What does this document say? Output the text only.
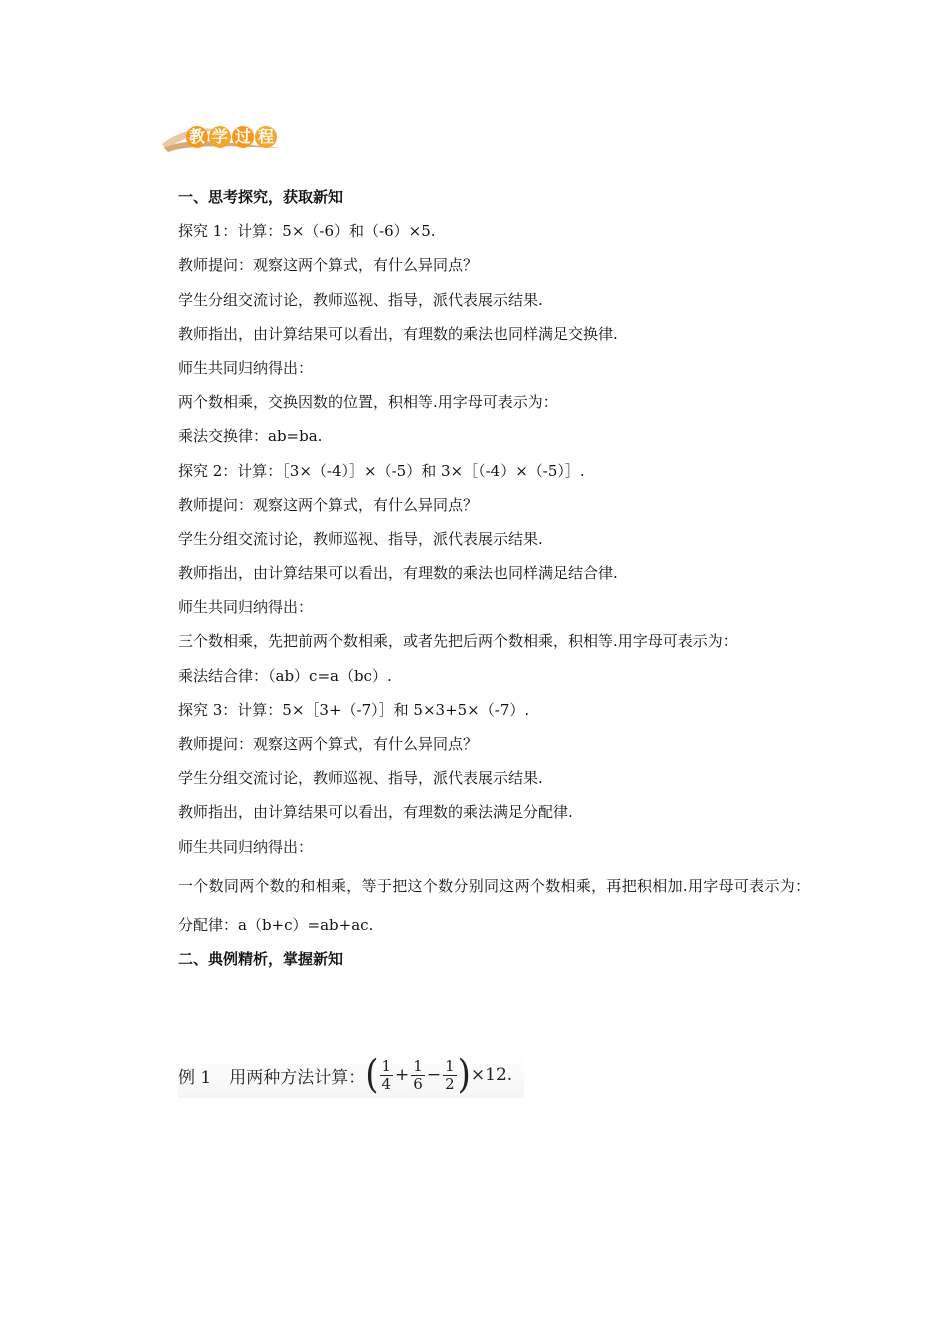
教 学 过 程
一、思考探究，获取新知
探究 1：计算：5×（-6）和（-6）×5.
教师提问：观察这两个算式，有什么异同点？
学生分组交流讨论，教师巡视、指导，派代表展示结果.
教师指出，由计算结果可以看出，有理数的乘法也同样满足交换律.
师生共同归纳得出：
两个数相乘，交换因数的位置，积相等.用字母可表示为：
乘法交换律：ab=ba.
探究 2：计算：［3×（-4）］×（-5）和 3×［（-4）×（-5）］.
教师提问：观察这两个算式，有什么异同点？
学生分组交流讨论，教师巡视、指导，派代表展示结果.
教师指出，由计算结果可以看出，有理数的乘法也同样满足结合律.
师生共同归纳得出：
三个数相乘，先把前两个数相乘，或者先把后两个数相乘，积相等.用字母可表示为：
乘法结合律：（ab）c=a（bc）.
探究 3：计算：5×［3+（-7）］和 5×3+5×（-7）.
教师提问：观察这两个算式，有什么异同点？
学生分组交流讨论，教师巡视、指导，派代表展示结果.
教师指出，由计算结果可以看出，有理数的乘法满足分配律.
师生共同归纳得出：

一个数同两个数的和相乘，等于把这个数分别同这两个数相乘，再把积相加.用字母可表示为：

分配律：a（b+c）=ab+ac.
二、典例精析，掌握新知
例 1 用两种方法计算： ( $\frac{1}{4} + \frac{1}{6} - \frac{1}{2}$ ) ×12.
